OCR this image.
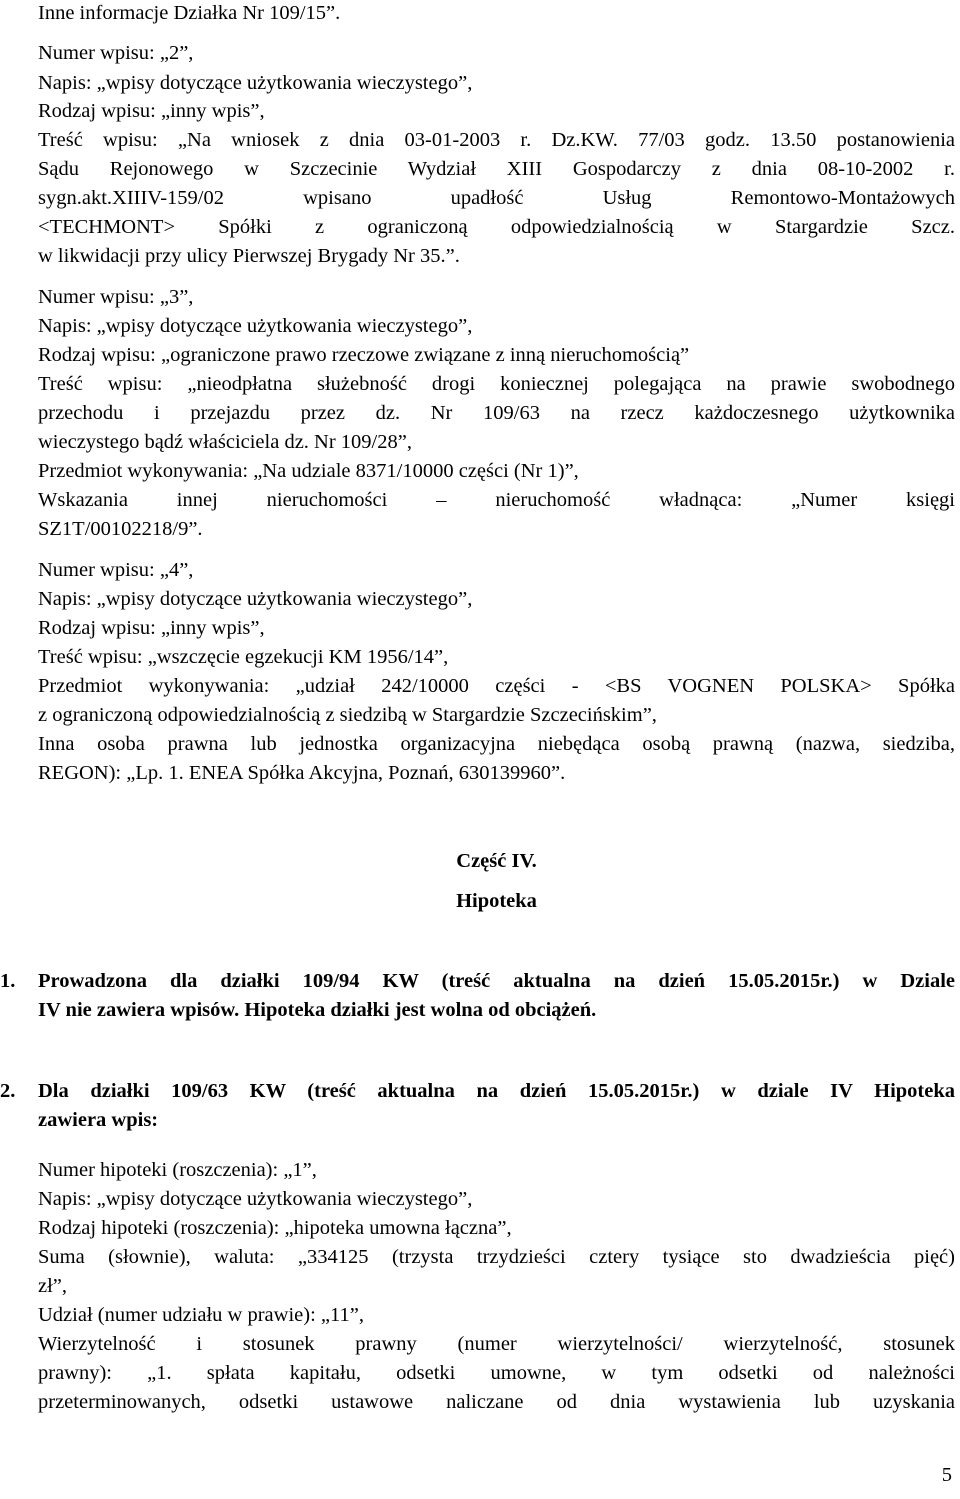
Inne informacje Działka Nr 109/15”.
Numer wpisu: „2”,
Napis: „wpisy dotyczące użytkowania wieczystego”,
Rodzaj wpisu: „inny wpis”,
Treść wpisu: „Na wniosek z dnia 03-01-2003 r. Dz.KW. 77/03 godz. 13.50 postanowienia
Sądu Rejonowego w Szczecinie Wydział XIII Gospodarczy z dnia 08-10-2002 r.
sygn.akt.XIIIV-159/02 wpisano upadłość Usług Remontowo-Montażowych
<TECHMONT> Spółki z ograniczoną odpowiedzialnością w Stargardzie Szcz.
w likwidacji przy ulicy Pierwszej Brygady Nr 35.”.
Numer wpisu: „3”,
Napis: „wpisy dotyczące użytkowania wieczystego”,
Rodzaj wpisu: „ograniczone prawo rzeczowe związane z inną nieruchomością”
Treść wpisu: „nieodpłatna służebność drogi koniecznej polegająca na prawie swobodnego
przechodu i przejazdu przez dz. Nr 109/63 na rzecz każdoczesnego użytkownika
wieczystego bądź właściciela dz. Nr 109/28”,
Przedmiot wykonywania: „Na udziale 8371/10000 części (Nr 1)”,
Wskazania innej nieruchomości – nieruchomość władnąca: „Numer księgi
SZ1T/00102218/9”.
Numer wpisu: „4”,
Napis: „wpisy dotyczące użytkowania wieczystego”,
Rodzaj wpisu: „inny wpis”,
Treść wpisu: „wszczęcie egzekucji KM 1956/14”,
Przedmiot wykonywania: „udział 242/10000 części - <BS VOGNEN POLSKA> Spółka
z ograniczoną odpowiedzialnością z siedzibą w Stargardzie Szczecińskim”,
Inna osoba prawna lub jednostka organizacyjna niebędąca osobą prawną (nazwa, siedziba,
REGON): „Lp. 1. ENEA Spółka Akcyjna, Poznań, 630139960”.
Część IV.
Hipoteka
1. Prowadzona dla działki 109/94 KW (treść aktualna na dzień 15.05.2015r.) w Dziale
IV nie zawiera wpisów. Hipoteka działki jest wolna od obciążeń.
2. Dla działki 109/63 KW (treść aktualna na dzień 15.05.2015r.) w dziale IV Hipoteka
zawiera wpis:
Numer hipoteki (roszczenia): „1”,
Napis: „wpisy dotyczące użytkowania wieczystego”,
Rodzaj hipoteki (roszczenia): „hipoteka umowna łączna”,
Suma (słownie), waluta: „334125 (trzysta trzydzieści cztery tysiące sto dwadzieścia pięć)
zł”,
Udział (numer udziału w prawie): „11”,
Wierzytelność i stosunek prawny (numer wierzytelności/ wierzytelność, stosunek
prawny): „1. spłata kapitału, odsetki umowne, w tym odsetki od należności
przeterminowanych, odsetki ustawowe naliczane od dnia wystawienia lub uzyskania
5
